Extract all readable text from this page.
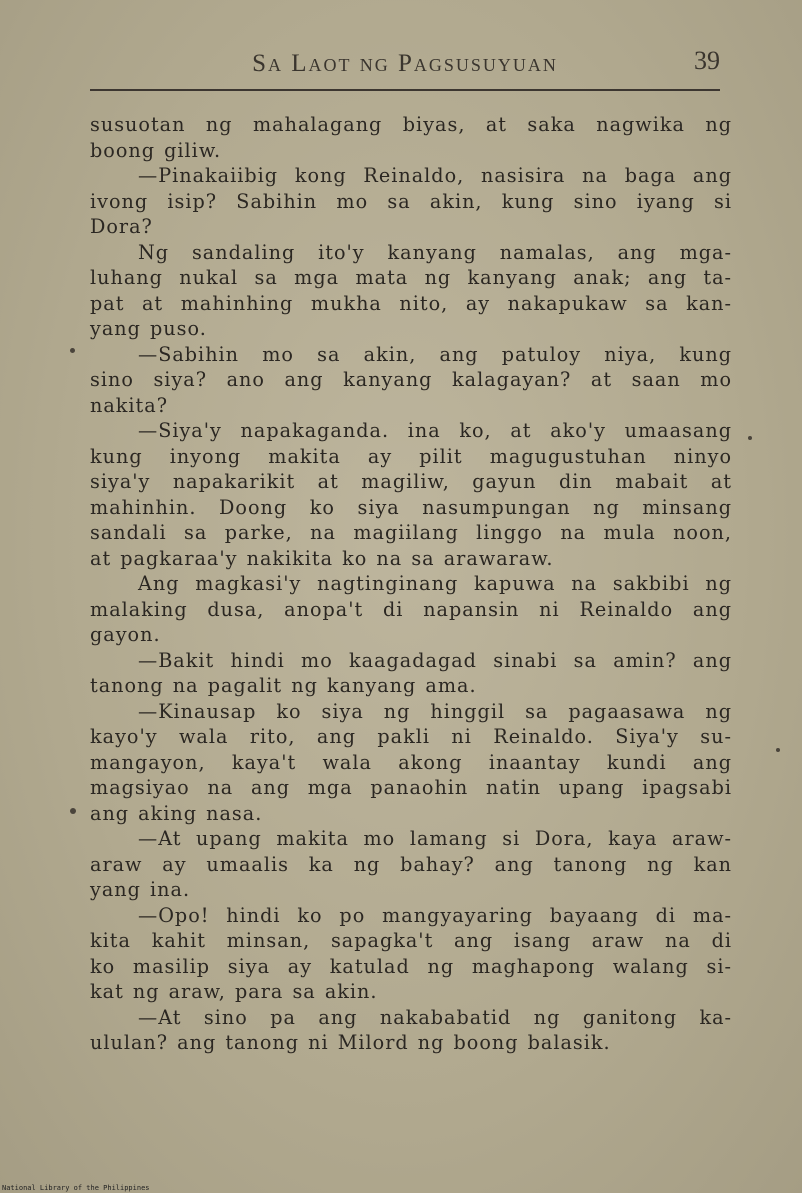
Sa Laot ng Pagsusuyuan	39
susuotan ng mahalagang biyas, at saka nagwika ng
boong giliw.
—Pinakaiibig kong Reinaldo, nasisira na baga ang
ivong isip? Sabihin mo sa akin, kung sino iyang si
Dora?
Ng sandaling ito'y kanyang namalas, ang mga-
luhang nukal sa mga mata ng kanyang anak; ang ta-
pat at mahinhing mukha nito, ay nakapukaw sa kan-
yang puso.
—Sabihin mo sa akin, ang patuloy niya, kung
sino siya? ano ang kanyang kalagayan? at saan mo
nakita?
—Siya'y napakaganda. ina ko, at ako'y umaasang
kung inyong makita ay pilit magugustuhan ninyo
siya'y napakarikit at magiliw, gayun din mabait at
mahinhin. Doong ko siya nasumpungan ng minsang
sandali sa parke, na magiilang linggo na mula noon,
at pagkaraa'y nakikita ko na sa arawaraw.
Ang magkasi'y nagtinginang kapuwa na sakbibi ng
malaking dusa, anopa't di napansin ni Reinaldo ang
gayon.
—Bakit hindi mo kaagadagad sinabi sa amin? ang
tanong na pagalit ng kanyang ama.
—Kinausap ko siya ng hinggil sa pagaasawa ng
kayo'y wala rito, ang pakli ni Reinaldo. Siya'y su-
mangayon, kaya't wala akong inaantay kundi ang
magsiyao na ang mga panaohin natin upang ipagsabi
ang aking nasa.
—At upang makita mo lamang si Dora, kaya araw-
araw ay umaalis ka ng bahay? ang tanong ng kan
yang ina.
—Opo! hindi ko po mangyayaring bayaang di ma-
kita kahit minsan, sapagka't ang isang araw na di
ko masilip siya ay katulad ng maghapong walang si-
kat ng araw, para sa akin.
—At sino pa ang nakababatid ng ganitong ka-
ululan? ang tanong ni Milord ng boong balasik.
National Library of the Philippines
